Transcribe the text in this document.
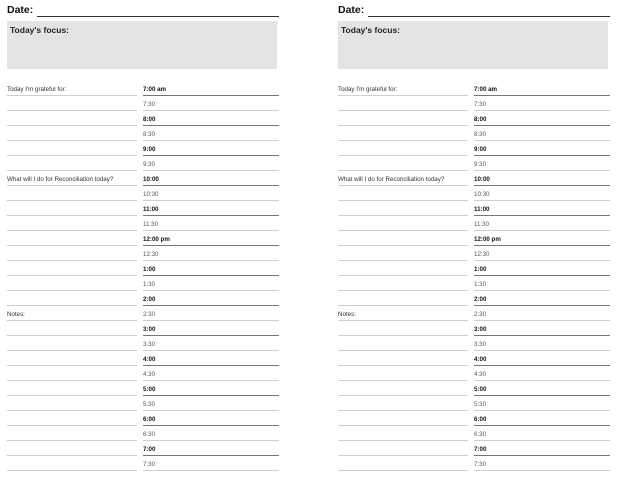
Date:
Today's focus:
Today I'm grateful for:
What will I do for Reconciliation today?
Notes:
7:00 am
7:30
8:00
8:30
9:00
9:30
10:00
10:30
11:00
11:30
12:00 pm
12:30
1:00
1:30
2:00
2:30
3:00
3:30
4:00
4:30
5:00
5:30
6:00
6:30
7:00
7:30
Date:
Today's focus:
Today I'm grateful for:
What will I do for Reconciliation today?
Notes:
7:00 am
7:30
8:00
8:30
9:00
9:30
10:00
10:30
11:00
11:30
12:00 pm
12:30
1:00
1:30
2:00
2:30
3:00
3:30
4:00
4:30
5:00
5:30
6:00
6:30
7:00
7:30
